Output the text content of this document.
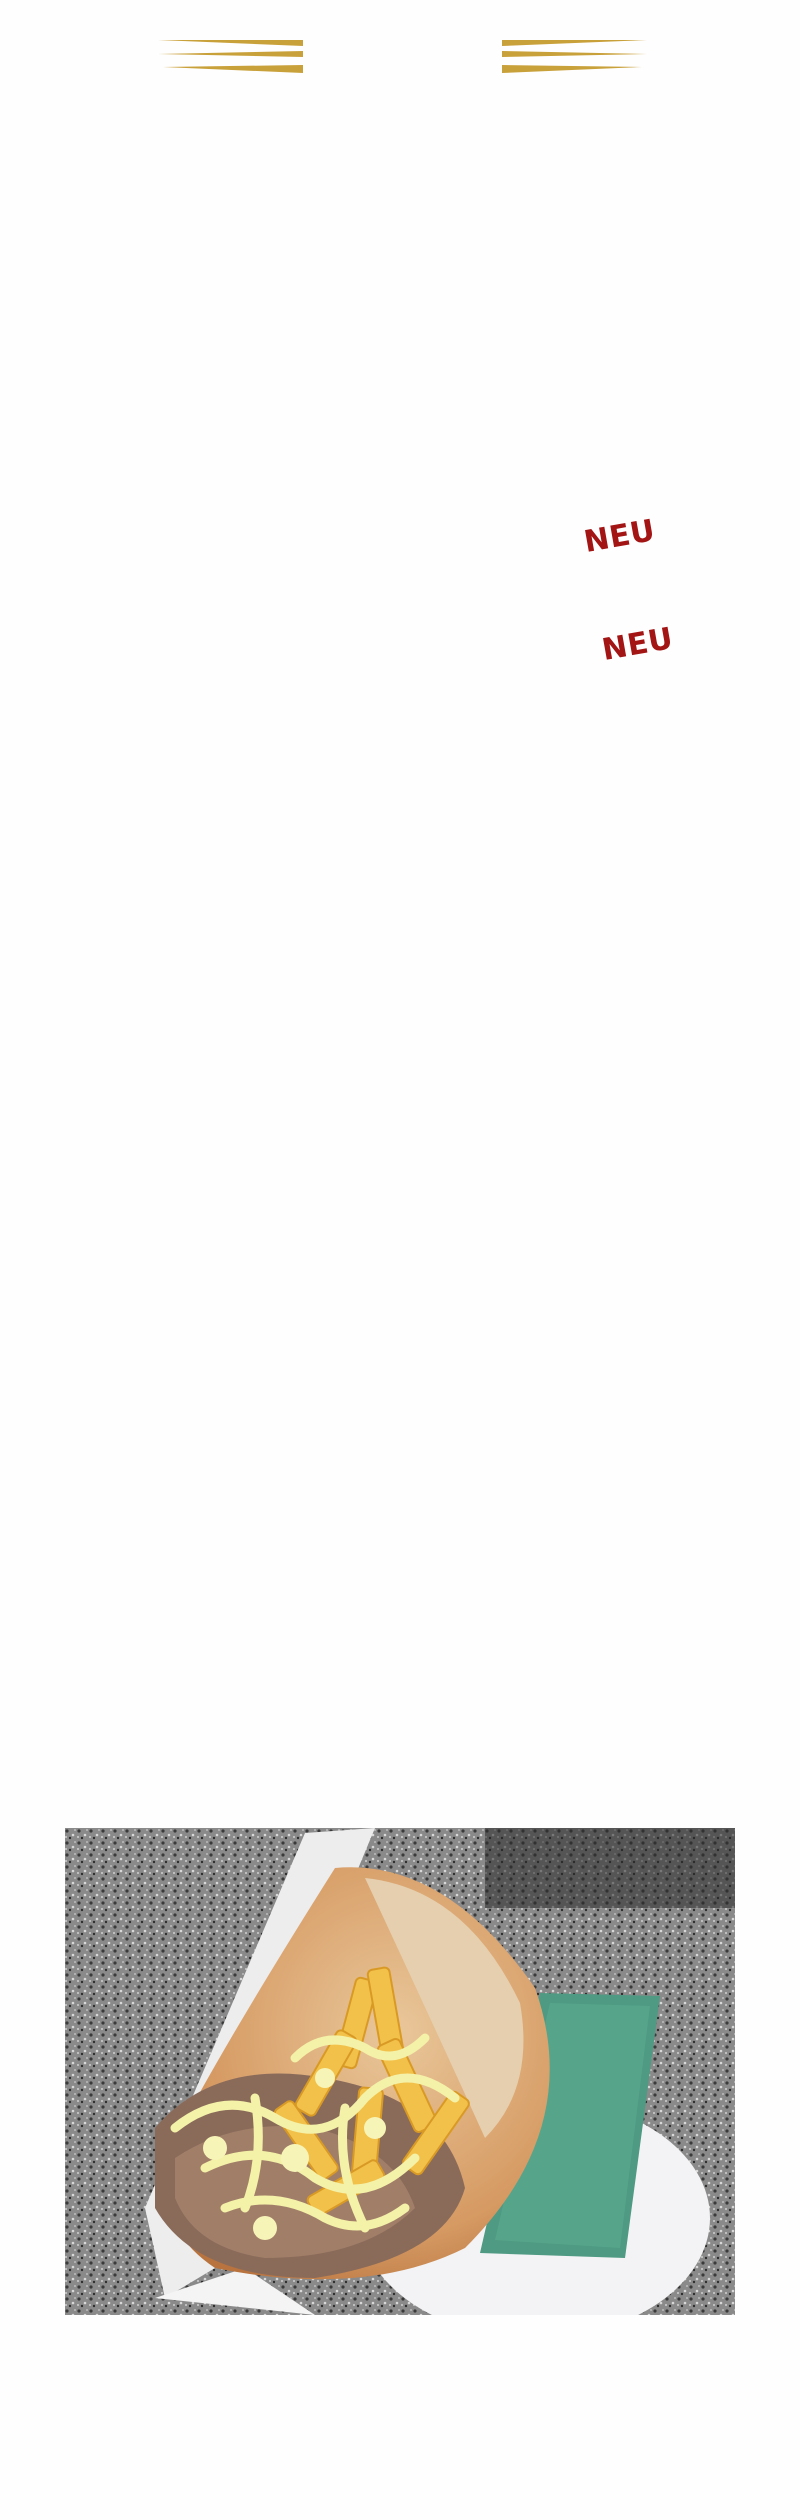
NEU
NEU
